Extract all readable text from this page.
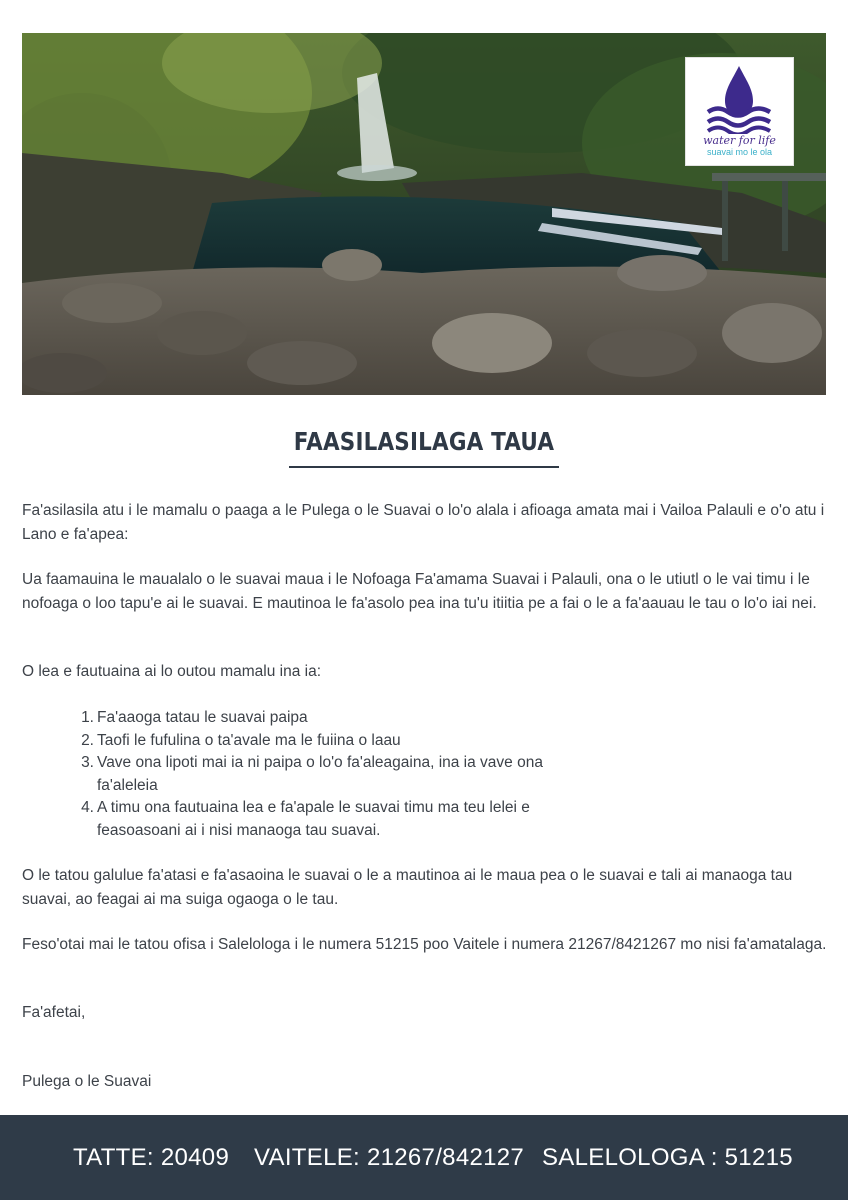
water for life
suavai mo le ola
FAASILASILAGA TAUA
Fa'asilasila atu i le mamalu o paaga a le Pulega o le Suavai o lo'o alala i afioaga amata mai i Vailoa Palauli e o'o atu i Lano e fa'apea:
Ua faamauina le maualalo o le suavai maua i le Nofoaga Fa'amama Suavai i Palauli, ona o le utiutl o le vai timu i le nofoaga o loo tapu'e ai le suavai. E mautinoa le fa'asolo pea ina tu'u itiitia pe a fai o le a fa'aauau le tau o lo'o iai nei.
O lea e fautuaina ai lo outou mamalu ina ia:
1. Fa'aaoga tatau le suavai paipa
2. Taofi le fufulina o ta'avale ma le fuiina o laau
3. Vave ona lipoti mai ia ni paipa o lo'o fa'aleagaina, ina ia vave ona fa'aleleia
4. A timu ona fautuaina lea e fa'apale le suavai timu ma teu lelei e feasoasoani ai i nisi manaoga tau suavai.
O le tatou galulue fa'atasi e fa'asaoina le suavai o le a mautinoa ai le maua pea o le suavai e tali ai manaoga tau suavai, ao feagai ai ma suiga ogaoga o le tau.
Feso'otai mai le tatou ofisa i Salelologa i le numera 51215 poo Vaitele i numera 21267/8421267 mo nisi fa'amatalaga.
Fa'afetai,
Pulega o le Suavai
TATTE: 20409 VAITELE: 21267/842127 SALELOLOGA : 51215
